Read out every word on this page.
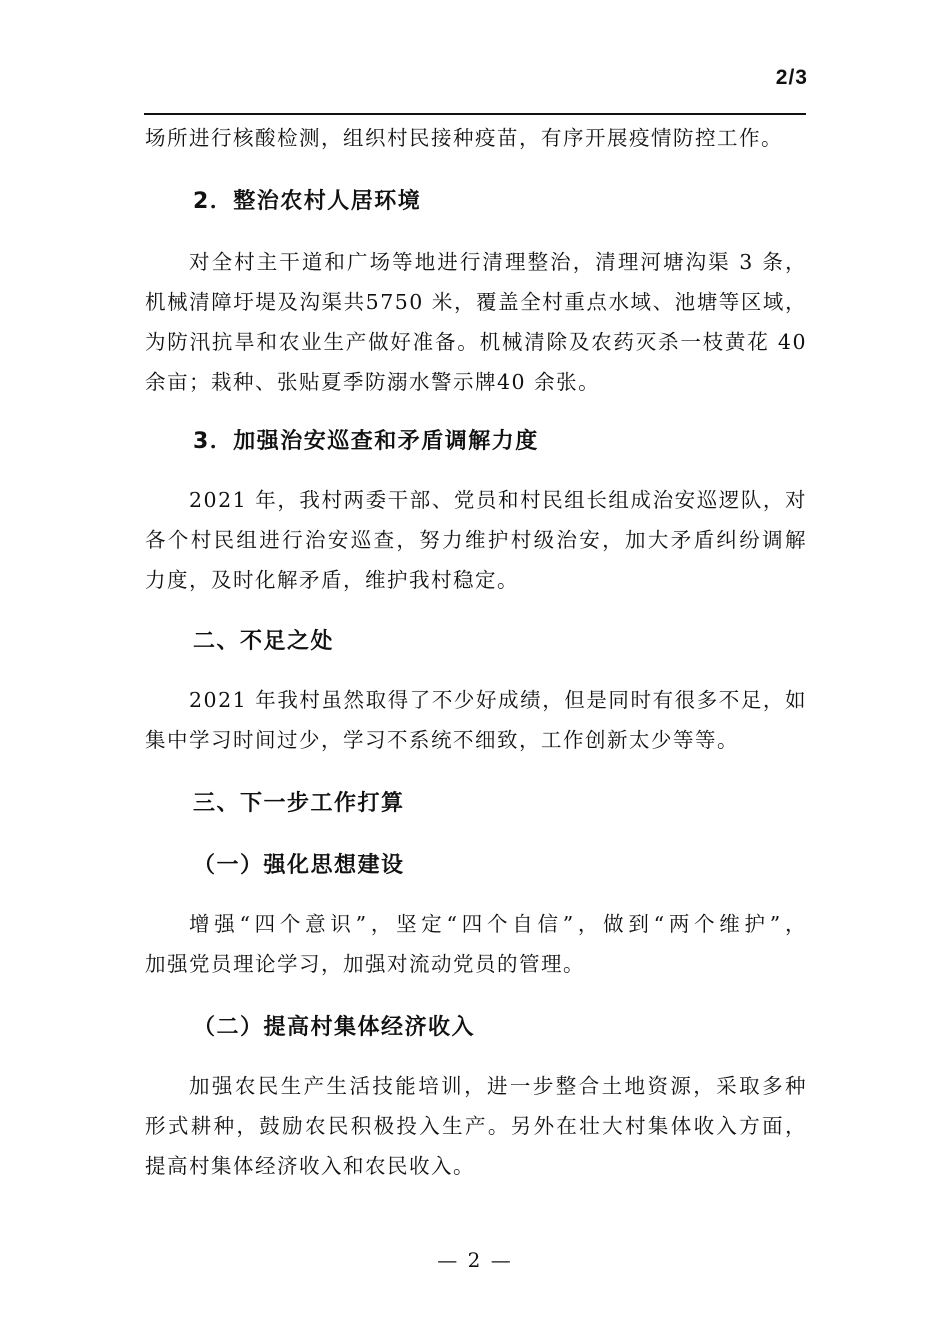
2/3
场所进行核酸检测，组织村民接种疫苗，有序开展疫情防控工作。
2．整治农村人居环境
对全村主干道和广场等地进行清理整治，清理河塘沟渠 3 条，
机械清障圩堤及沟渠共5750 米，覆盖全村重点水域、池塘等区域，
为防汛抗旱和农业生产做好准备。机械清除及农药灭杀一枝黄花 40
余亩；栽种、张贴夏季防溺水警示牌40 余张。
3．加强治安巡查和矛盾调解力度
2021 年，我村两委干部、党员和村民组长组成治安巡逻队，对
各个村民组进行治安巡查，努力维护村级治安，加大矛盾纠纷调解
力度，及时化解矛盾，维护我村稳定。
二、不足之处
2021 年我村虽然取得了不少好成绩，但是同时有很多不足，如
集中学习时间过少，学习不系统不细致，工作创新太少等等。
三、下一步工作打算
（一）强化思想建设
增强“四个意识”，坚定“四个自信”，做到“两个维护”，
加强党员理论学习，加强对流动党员的管理。
（二）提高村集体经济收入
加强农民生产生活技能培训，进一步整合土地资源，采取多种
形式耕种，鼓励农民积极投入生产。另外在壮大村集体收入方面，
提高村集体经济收入和农民收入。
— 2 —
